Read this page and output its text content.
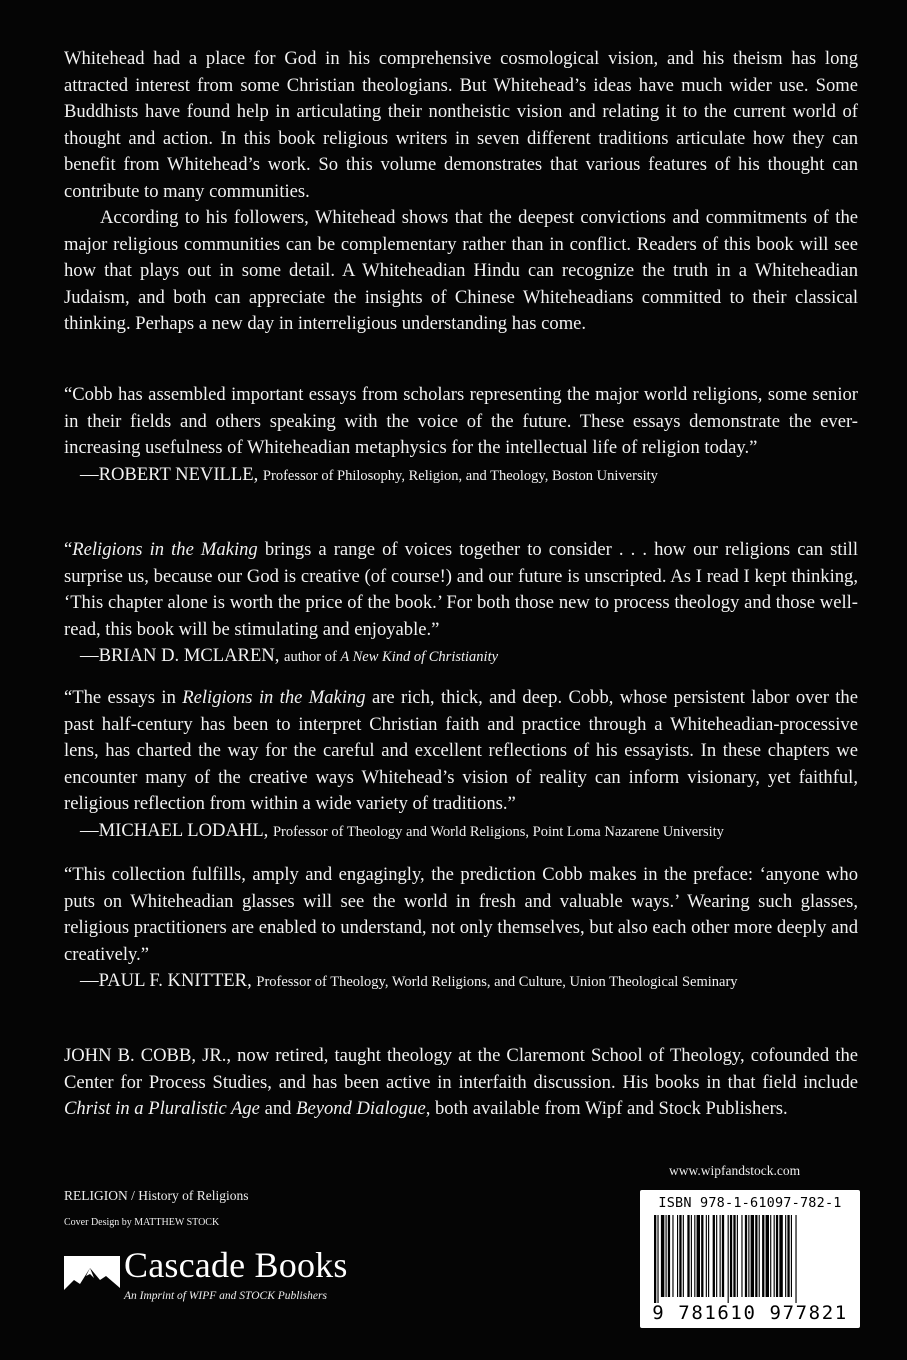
Whitehead had a place for God in his comprehensive cosmological vision, and his theism has long attracted interest from some Christian theologians. But Whitehead’s ideas have much wider use. Some Buddhists have found help in articulating their nontheistic vision and relating it to the current world of thought and action. In this book religious writers in seven different traditions articulate how they can benefit from Whitehead’s work. So this volume demonstrates that various features of his thought can contribute to many communities.

According to his followers, Whitehead shows that the deepest convictions and commitments of the major religious communities can be complementary rather than in conflict. Readers of this book will see how that plays out in some detail. A Whiteheadian Hindu can recognize the truth in a Whiteheadian Judaism, and both can appreciate the insights of Chinese Whiteheadians committed to their classical thinking. Perhaps a new day in interreligious understanding has come.

“Cobb has assembled important essays from scholars representing the major world religions, some senior in their fields and others speaking with the voice of the future. These essays demonstrate the ever-increasing usefulness of Whiteheadian metaphysics for the intellectual life of religion today.”

—ROBERT NEVILLE, Professor of Philosophy, Religion, and Theology, Boston University

“Religions in the Making brings a range of voices together to consider . . . how our religions can still surprise us, because our God is creative (of course!) and our future is unscripted. As I read I kept thinking, ‘This chapter alone is worth the price of the book.’ For both those new to process theology and those well-read, this book will be stimulating and enjoyable.”

—BRIAN D. MCLAREN, author of A New Kind of Christianity

“The essays in Religions in the Making are rich, thick, and deep. Cobb, whose persistent labor over the past half-century has been to interpret Christian faith and practice through a Whiteheadian-processive lens, has charted the way for the careful and excellent reflections of his essayists. In these chapters we encounter many of the creative ways Whitehead’s vision of reality can inform visionary, yet faithful, religious reflection from within a wide variety of traditions.”

—MICHAEL LODAHL, Professor of Theology and World Religions, Point Loma Nazarene University

“This collection fulfills, amply and engagingly, the prediction Cobb makes in the preface: ‘anyone who puts on Whiteheadian glasses will see the world in fresh and valuable ways.’ Wearing such glasses, religious practitioners are enabled to understand, not only themselves, but also each other more deeply and creatively.”

—PAUL F. KNITTER, Professor of Theology, World Religions, and Culture, Union Theological Seminary

JOHN B. COBB, JR., now retired, taught theology at the Claremont School of Theology, cofounded the Center for Process Studies, and has been active in interfaith discussion. His books in that field include Christ in a Pluralistic Age and Beyond Dialogue, both available from Wipf and Stock Publishers.

www.wipfandstock.com
RELIGION / History of Religions
Cover Design by MATTHEW STOCK
Cascade Books
An Imprint of WIPF and STOCK Publishers
ISBN 978-1-61097-782-1
9 781610 977821
